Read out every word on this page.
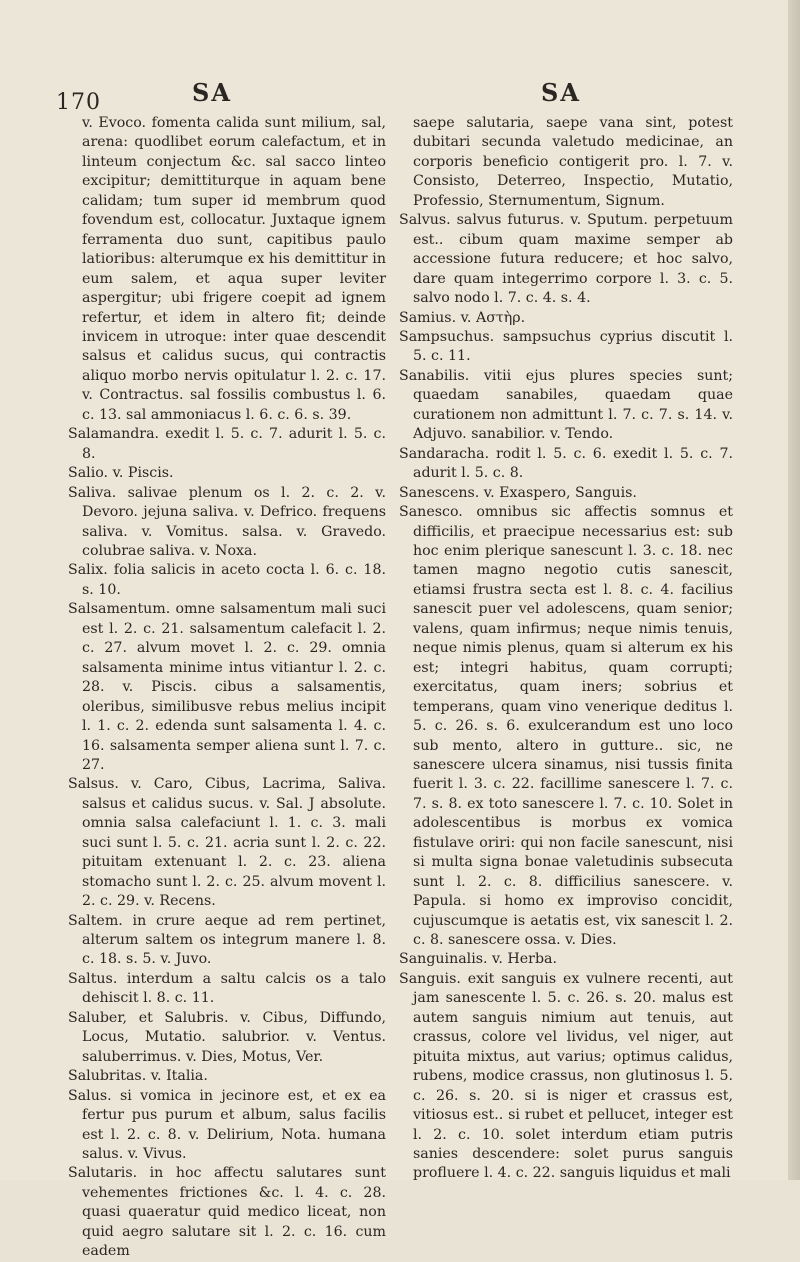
170	SA	SA

v. Evoco. fomenta calida sunt milium, sal, arena: quodlibet eorum calefactum, et in linteum conjectum &c. sal sacco linteo excipitur; demittiturque in aquam bene calidam; tum super id membrum quod fovendum est, collocatur. Juxtaque ignem ferramenta duo sunt, capitibus paulo latioribus: alterumque ex his demittitur in eum salem, et aqua super leviter aspergitur; ubi frigere coepit ad ignem refertur, et idem in altero fit; deinde invicem in utroque: inter quae descendit salsus et calidus sucus, qui contractis aliquo morbo nervis opitulatur l. 2. c. 17. v. Contractus. sal fossilis combustus l. 6. c. 13. sal ammoniacus l. 6. c. 6. s. 39.

Salamandra. exedit l. 5. c. 7. adurit l. 5. c. 8.

Salio. v. Piscis.

Saliva. salivae plenum os l. 2. c. 2. v. Devoro. jejuna saliva. v. Defrico. frequens saliva. v. Vomitus. salsa. v. Gravedo. colubrae saliva. v. Noxa.

Salix. folia salicis in aceto cocta l. 6. c. 18. s. 10.

Salsamentum. omne salsamentum mali suci est l. 2. c. 21. salsamentum calefacit l. 2. c. 27. alvum movet l. 2. c. 29. omnia salsamenta minime intus vitiantur l. 2. c. 28. v. Piscis. cibus a salsamentis, oleribus, similibusve rebus melius incipit l. 1. c. 2. edenda sunt salsamenta l. 4. c. 16. salsamenta semper aliena sunt l. 7. c. 27.

Salsus. v. Caro, Cibus, Lacrima, Saliva. salsus et calidus sucus. v. Sal. J absolute. omnia salsa calefaciunt l. 1. c. 3. mali suci sunt l. 5. c. 21. acria sunt l. 2. c. 22. pituitam extenuant l. 2. c. 23. aliena stomacho sunt l. 2. c. 25. alvum movent l. 2. c. 29. v. Recens.

Saltem. in crure aeque ad rem pertinet, alterum saltem os integrum manere l. 8. c. 18. s. 5. v. Juvo.

Saltus. interdum a saltu calcis os a talo dehiscit l. 8. c. 11.

Saluber, et Salubris. v. Cibus, Diffundo, Locus, Mutatio. salubrior. v. Ventus. saluberrimus. v. Dies, Motus, Ver.

Salubritas. v. Italia.

Salus. si vomica in jecinore est, et ex ea fertur pus purum et album, salus facilis est l. 2. c. 8. v. Delirium, Nota. humana salus. v. Vivus.

Salutaris. in hoc affectu salutares sunt vehementes frictiones &c. l. 4. c. 28. quasi quaeratur quid medico liceat, non quid aegro salutare sit l. 2. c. 16. cum eadem

saepe salutaria, saepe vana sint, potest dubitari secunda valetudo medicinae, an corporis beneficio contigerit pro. l. 7. v. Consisto, Deterreo, Inspectio, Mutatio, Professio, Sternumentum, Signum.

Salvus. salvus futurus. v. Sputum. perpetuum est.. cibum quam maxime semper ab accessione futura reducere; et hoc salvo, dare quam integerrimo corpore l. 3. c. 5. salvo nodo l. 7. c. 4. s. 4.

Samius. v. Aστὴρ.

Sampsuchus. sampsuchus cyprius discutit l. 5. c. 11.

Sanabilis. vitii ejus plures species sunt; quaedam sanabiles, quaedam quae curationem non admittunt l. 7. c. 7. s. 14. v. Adjuvo. sanabilior. v. Tendo.

Sandaracha. rodit l. 5. c. 6. exedit l. 5. c. 7. adurit l. 5. c. 8.

Sanescens. v. Exaspero, Sanguis.

Sanesco. omnibus sic affectis somnus et difficilis, et praecipue necessarius est: sub hoc enim plerique sanescunt l. 3. c. 18. nec tamen magno negotio cutis sanescit, etiamsi frustra secta est l. 8. c. 4. facilius sanescit puer vel adolescens, quam senior; valens, quam infirmus; neque nimis tenuis, neque nimis plenus, quam si alterum ex his est; integri habitus, quam corrupti; exercitatus, quam iners; sobrius et temperans, quam vino venerique deditus l. 5. c. 26. s. 6. exulcerandum est uno loco sub mento, altero in gutture.. sic, ne sanescere ulcera sinamus, nisi tussis finita fuerit l. 3. c. 22. facillime sanescere l. 7. c. 7. s. 8. ex toto sanescere l. 7. c. 10. Solet in adolescentibus is morbus ex vomica fistulave oriri: qui non facile sanescunt, nisi si multa signa bonae valetudinis subsecuta sunt l. 2. c. 8. difficilius sanescere. v. Papula. si homo ex improviso concidit, cujuscumque is aetatis est, vix sanescit l. 2. c. 8. sanescere ossa. v. Dies.

Sanguinalis. v. Herba.

Sanguis. exit sanguis ex vulnere recenti, aut jam sanescente l. 5. c. 26. s. 20. malus est autem sanguis nimium aut tenuis, aut crassus, colore vel lividus, vel niger, aut pituita mixtus, aut varius; optimus calidus, rubens, modice crassus, non glutinosus l. 5. c. 26. s. 20. si is niger et crassus est, vitiosus est.. si rubet et pellucet, integer est l. 2. c. 10. solet interdum etiam putris sanies descendere: solet purus sanguis profluere l. 4. c. 22. sanguis liquidus et mali
